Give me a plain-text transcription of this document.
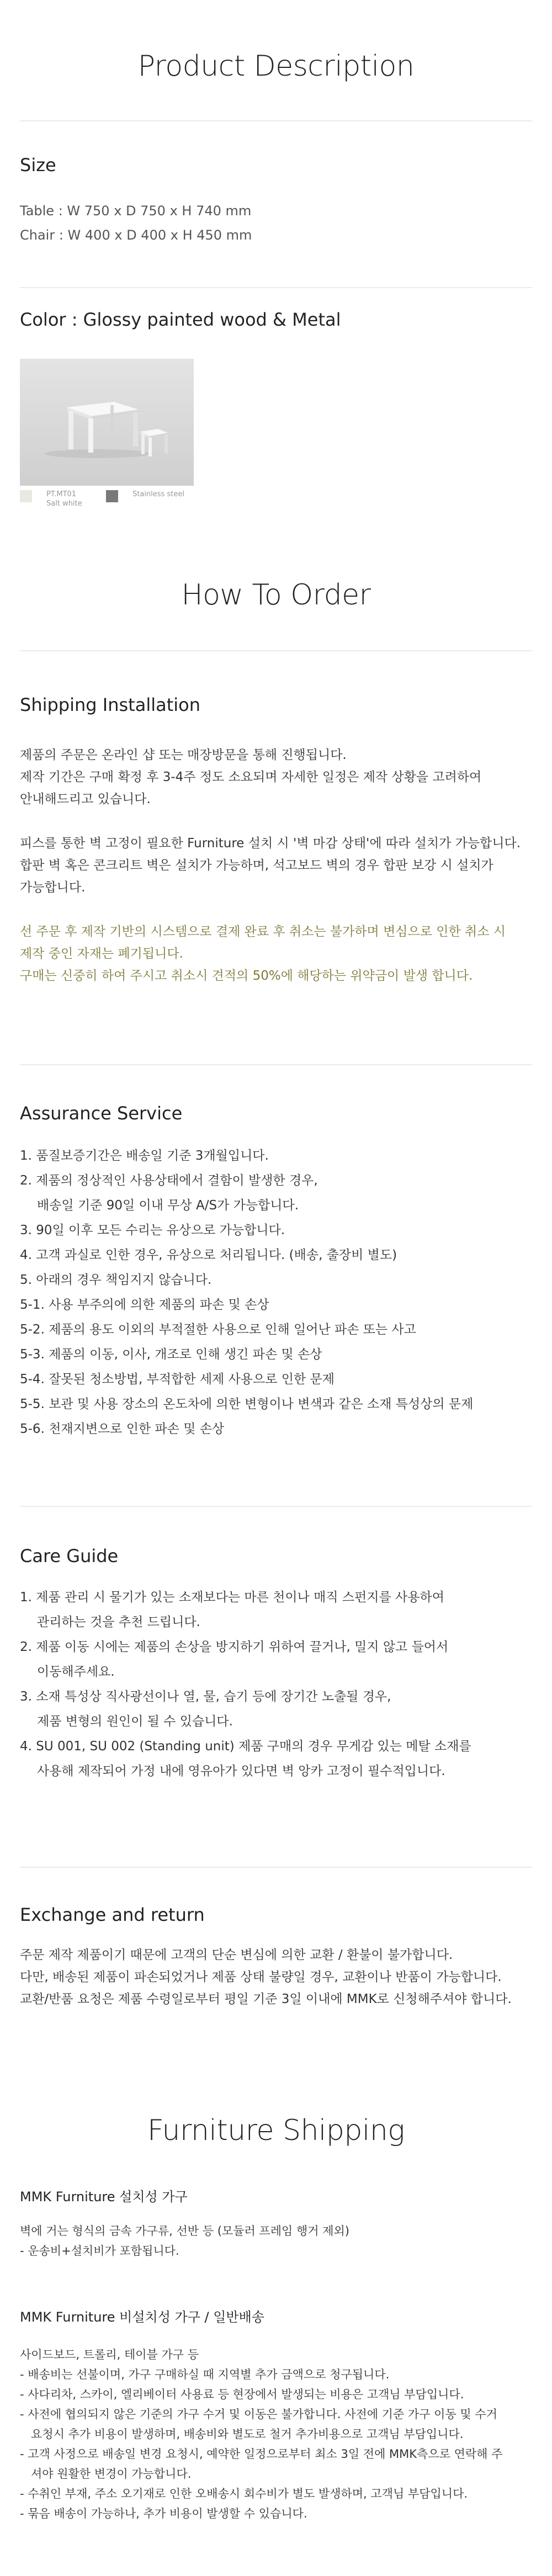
Product Description
Size
Table : W 750 x D 750 x H 740 mm
Chair : W 400 x D 400 x H 450 mm
Color : Glossy painted wood & Metal
PT.MT01
Salt white
Stainless steel
How To Order
Shipping Installation

제품의 주문은 온라인 샵 또는 매장방문을 통해 진행됩니다.

제작 기간은 구매 확정 후 3-4주 정도 소요되며 자세한 일정은 제작 상황을 고려하여

안내해드리고 있습니다.

피스를 통한 벽 고정이 필요한 Furniture 설치 시 '벽 마감 상태'에 따라 설치가 가능합니다.

합판 벽 혹은 콘크리트 벽은 설치가 가능하며, 석고보드 벽의 경우 합판 보강 시 설치가

가능합니다.

선 주문 후 제작 기반의 시스템으로 결제 완료 후 취소는 불가하며 변심으로 인한 취소 시

제작 중인 자재는 폐기됩니다.

구매는 신중히 하여 주시고 취소시 견적의 50%에 해당하는 위약금이 발생 합니다.

Assurance Service
1. 품질보증기간은 배송일 기준 3개월입니다.
2. 제품의 정상적인 사용상태에서 결함이 발생한 경우,
배송일 기준 90일 이내 무상 A/S가 가능합니다.
3. 90일 이후 모든 수리는 유상으로 가능합니다.
4. 고객 과실로 인한 경우, 유상으로 처리됩니다. (배송, 출장비 별도)
5. 아래의 경우 책임지지 않습니다.
5-1. 사용 부주의에 의한 제품의 파손 및 손상
5-2. 제품의 용도 이외의 부적절한 사용으로 인해 일어난 파손 또는 사고
5-3. 제품의 이동, 이사, 개조로 인해 생긴 파손 및 손상
5-4. 잘못된 청소방법, 부적합한 세제 사용으로 인한 문제
5-5. 보관 및 사용 장소의 온도차에 의한 변형이나 변색과 같은 소재 특성상의 문제
5-6. 천재지변으로 인한 파손 및 손상
Care Guide
1. 제품 관리 시 물기가 있는 소재보다는 마른 천이나 매직 스펀지를 사용하여
관리하는 것을 추천 드립니다.
2. 제품 이동 시에는 제품의 손상을 방지하기 위하여 끌거나, 밀지 않고 들어서
이동해주세요.
3. 소재 특성상 직사광선이나 열, 물, 습기 등에 장기간 노출될 경우,
제품 변형의 원인이 될 수 있습니다.
4. SU 001, SU 002 (Standing unit) 제품 구매의 경우 무게감 있는 메탈 소재를
사용해 제작되어 가정 내에 영유아가 있다면 벽 앙카 고정이 필수적입니다.
Exchange and return

주문 제작 제품이기 때문에 고객의 단순 변심에 의한 교환 / 환불이 불가합니다.

다만, 배송된 제품이 파손되었거나 제품 상태 불량일 경우, 교환이나 반품이 가능합니다.

교환/반품 요청은 제품 수령일로부터 평일 기준 3일 이내에 MMK로 신청해주셔야 합니다.

Furniture Shipping
MMK Furniture 설치성 가구

벽에 거는 형식의 금속 가구류, 선반 등 (모듈러 프레임 행거 제외)

- 운송비+설치비가 포함됩니다.

MMK Furniture 비설치성 가구 / 일반배송

사이드보드, 트롤리, 테이블 가구 등

- 배송비는 선불이며, 가구 구매하실 때 지역별 추가 금액으로 청구됩니다.

- 사다리차, 스카이, 엘리베이터 사용료 등 현장에서 발생되는 비용은 고객님 부담입니다.

- 사전에 협의되지 않은 기준의 가구 수거 및 이동은 불가합니다. 사전에 기준 가구 이동 및 수거

요청시 추가 비용이 발생하며, 배송비와 별도로 철거 추가비용으로 고객님 부담입니다.

- 고객 사정으로 배송일 변경 요청시, 예약한 일정으로부터 최소 3일 전에 MMK측으로 연락해 주

셔야 원활한 변경이 가능합니다.

- 수취인 부재, 주소 오기재로 인한 오배송시 회수비가 별도 발생하며, 고객님 부담입니다.

- 묶음 배송이 가능하나, 추가 비용이 발생할 수 있습니다.
